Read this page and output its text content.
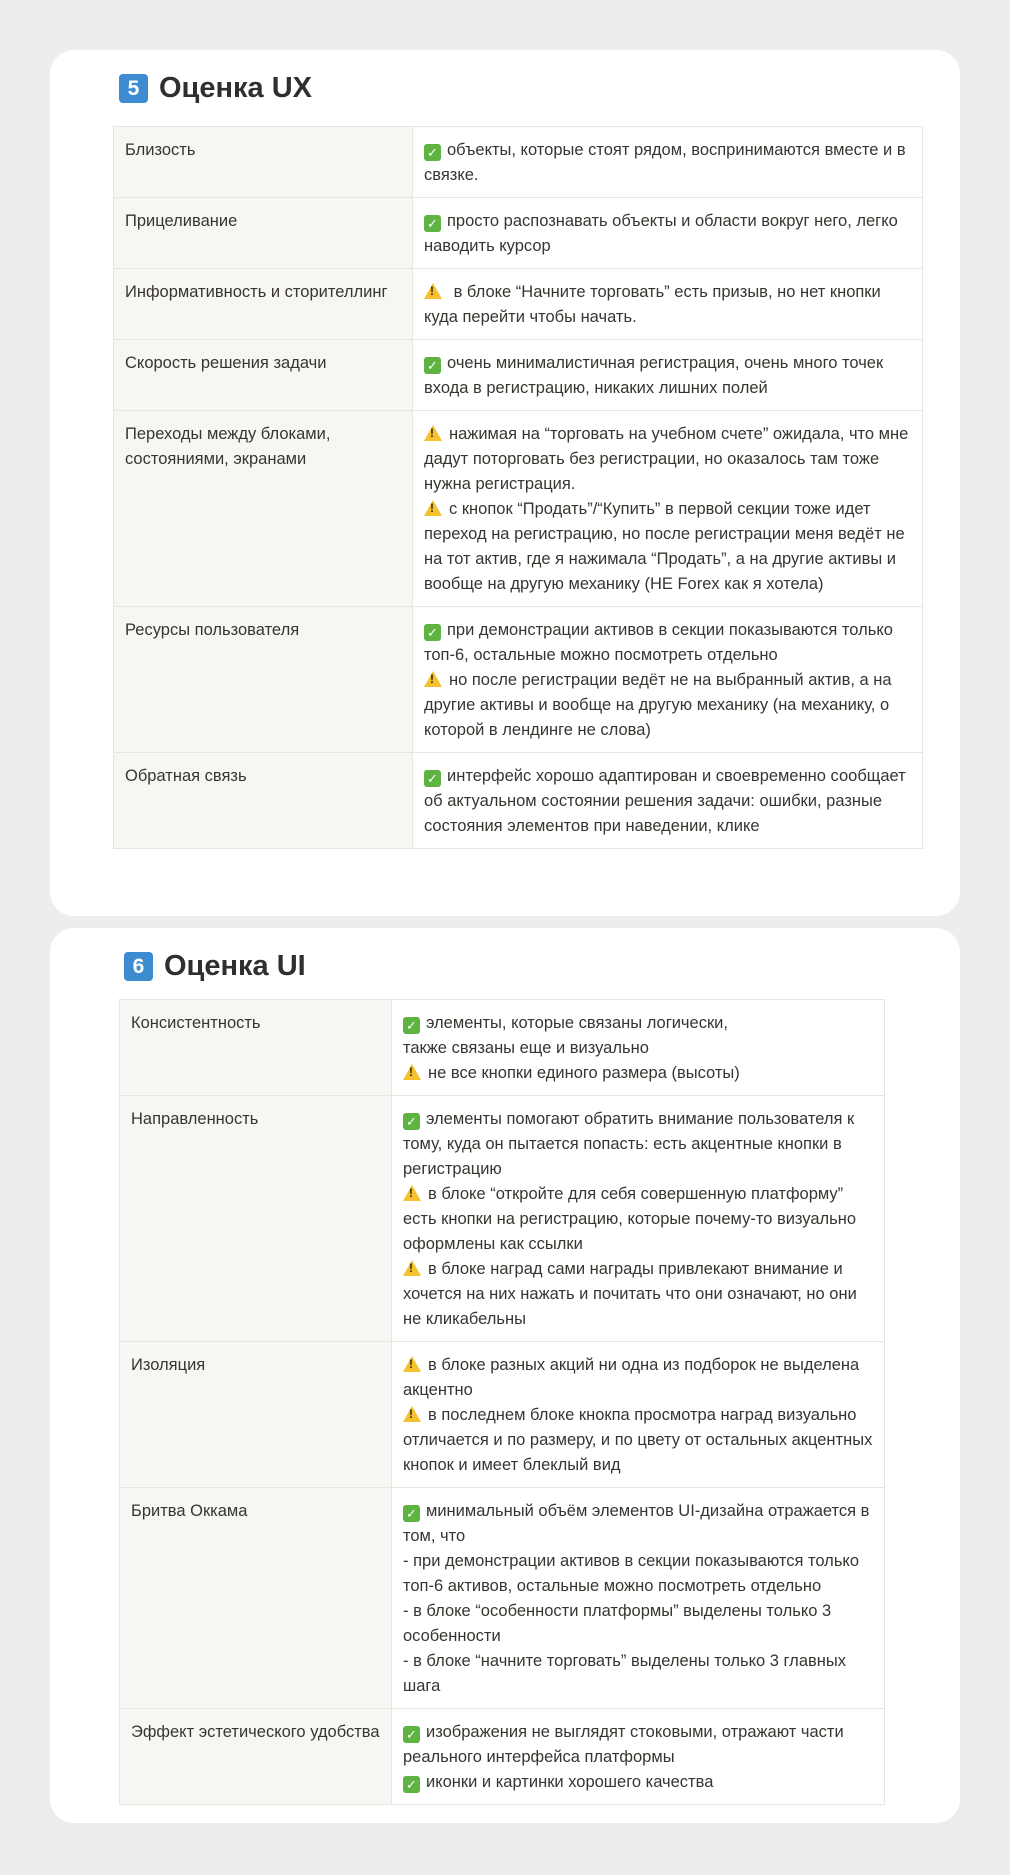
5 Оценка UX
Близость	✓ объекты, которые стоят рядом, воспринимаются вместе и в связке.

Прицеливание	✓ просто распознавать объекты и области вокруг него, легко наводить курсор

Информативность и сторителлинг	
! в блоке “Начните торговать” есть призыв, но нет кнопки куда перейти чтобы начать.

Скорость решения задачи	✓ очень минималистичная регистрация, очень много точек входа в регистрацию, никаких лишних полей

Переходы между блоками, состояниями, экранами	
!нажимая на “торговать на учебном счете” ожидала, что мне дадут поторговать без регистрации, но оказалось там тоже нужна регистрация.
!с кнопок “Продать”/“Купить” в первой секции тоже идет переход на регистрацию, но после регистрации меня ведёт не на тот актив, где я нажимала “Продать”, а на другие активы и вообще на другую механику (НЕ Forex как я хотела)

Ресурсы пользователя	✓ при демонстрации активов в секции показываются только топ-6, остальные можно посмотреть отдельно
!но после регистрации ведёт не на выбранный актив, а на другие активы и вообще на другую механику (на механику, о которой в лендинге не слова)

Обратная связь	✓ интерфейс хорошо адаптирован и своевременно сообщает об актуальном состоянии решения задачи: ошибки, разные состояния элементов при наведении, клике
6 Оценка UI
Консистентность	✓ элементы, которые связаны логически,
также связаны еще и визуально
!не все кнопки единого размера (высоты)

Направленность	✓ элементы помогают обратить внимание пользователя к тому, куда он пытается попасть: есть акцентные кнопки в регистрацию
!в блоке “откройте для себя совершенную платформу” есть кнопки на регистрацию, которые почему-то визуально оформлены как ссылки
!в блоке наград сами награды привлекают внимание и хочется на них нажать и почитать что они означают, но они не кликабельны

Изоляция	
!в блоке разных акций ни одна из подборок не выделена акцентно
!в последнем блоке кнокпа просмотра наград визуально отличается и по размеру, и по цвету от остальных акцентных кнопок и имеет блеклый вид

Бритва Оккама	✓ минимальный объём элементов UI-дизайна отражается в том, что
- при демонстрации активов в секции показываются только топ-6 активов, остальные можно посмотреть отдельно
- в блоке “особенности платформы” выделены только 3 особенности
- в блоке “начните торговать” выделены только 3 главных шага

Эффект эстетического удобства	✓ изображения не выглядят стоковыми, отражают части реального интерфейса платформы
✓ иконки и картинки хорошего качества
